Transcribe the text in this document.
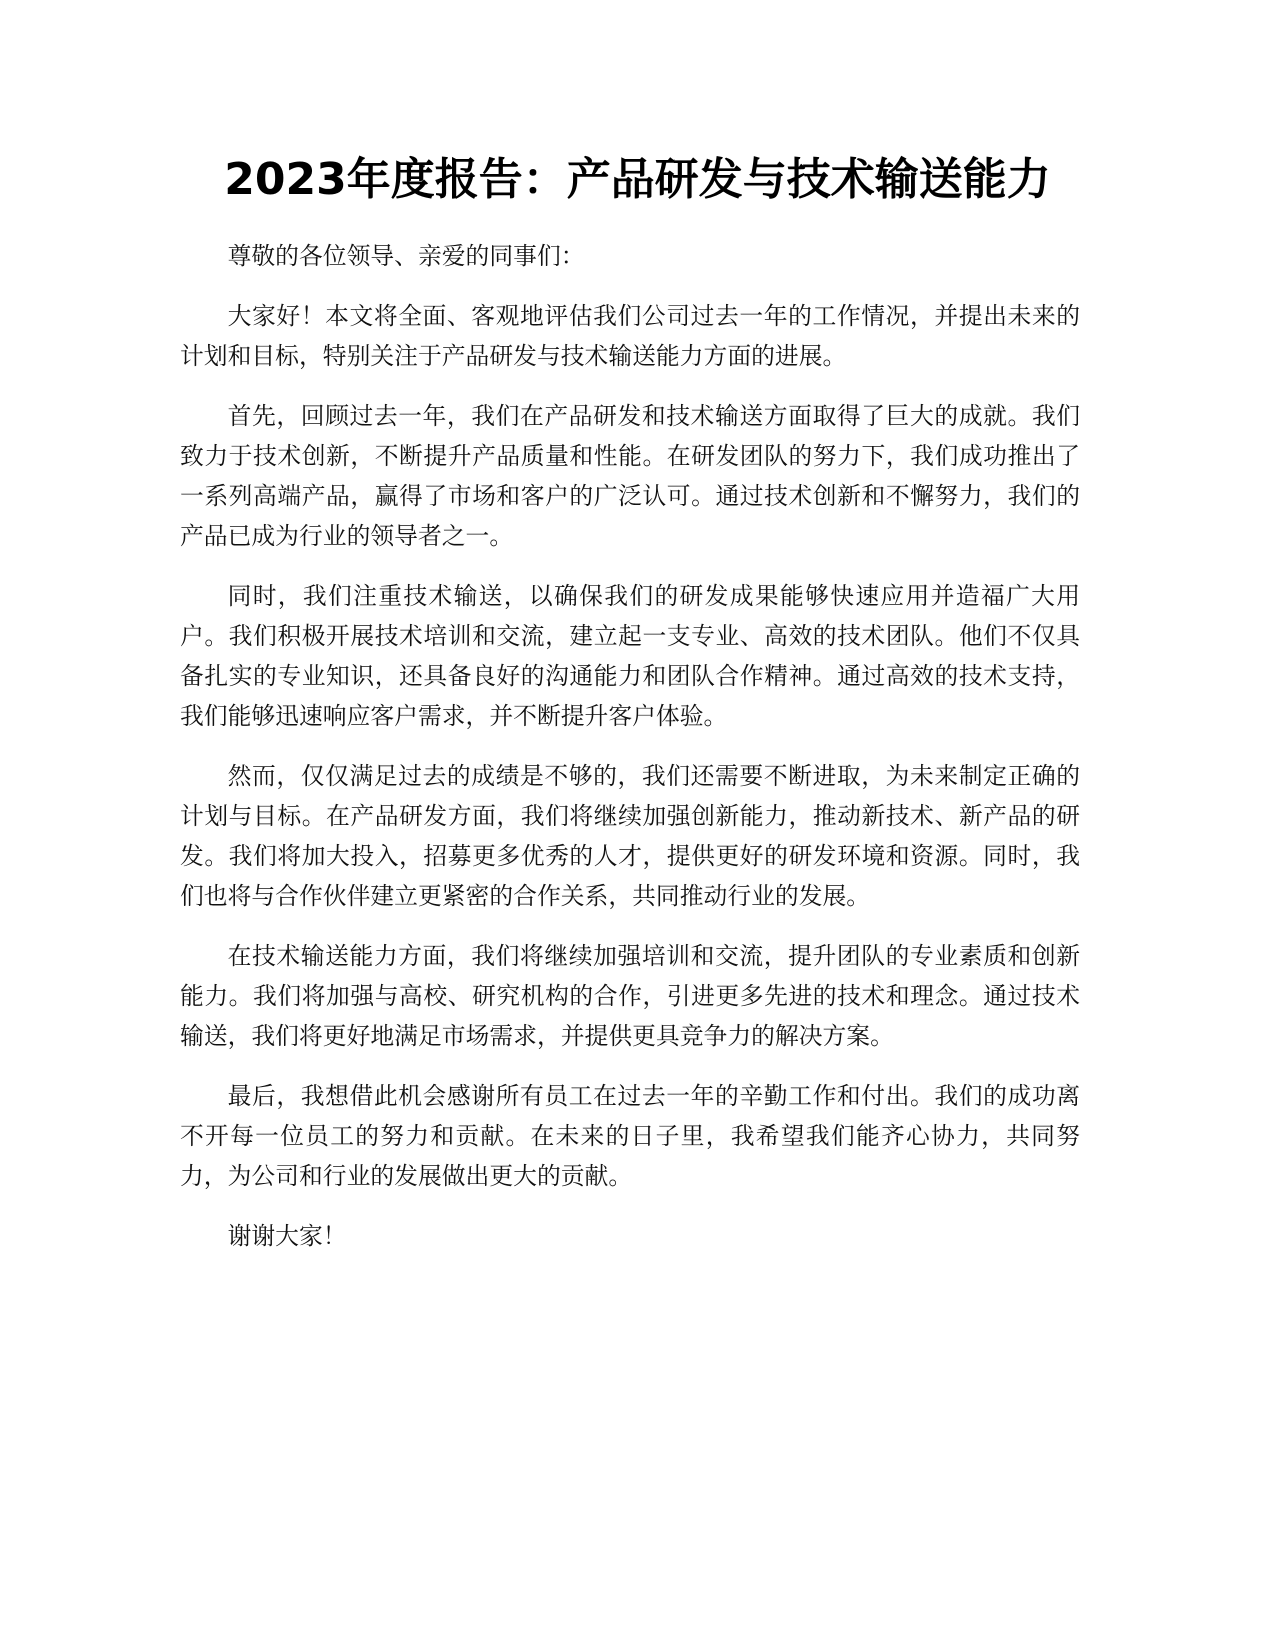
2023年度报告：产品研发与技术输送能力

尊敬的各位领导、亲爱的同事们：

大家好！本文将全面、客观地评估我们公司过去一年的工作情况，并提出未来的计划和目标，特别关注于产品研发与技术输送能力方面的进展。

首先，回顾过去一年，我们在产品研发和技术输送方面取得了巨大的成就。我们致力于技术创新，不断提升产品质量和性能。在研发团队的努力下，我们成功推出了一系列高端产品，赢得了市场和客户的广泛认可。通过技术创新和不懈努力，我们的产品已成为行业的领导者之一。

同时，我们注重技术输送，以确保我们的研发成果能够快速应用并造福广大用户。我们积极开展技术培训和交流，建立起一支专业、高效的技术团队。他们不仅具备扎实的专业知识，还具备良好的沟通能力和团队合作精神。通过高效的技术支持，我们能够迅速响应客户需求，并不断提升客户体验。

然而，仅仅满足过去的成绩是不够的，我们还需要不断进取，为未来制定正确的计划与目标。在产品研发方面，我们将继续加强创新能力，推动新技术、新产品的研发。我们将加大投入，招募更多优秀的人才，提供更好的研发环境和资源。同时，我们也将与合作伙伴建立更紧密的合作关系，共同推动行业的发展。

在技术输送能力方面，我们将继续加强培训和交流，提升团队的专业素质和创新能力。我们将加强与高校、研究机构的合作，引进更多先进的技术和理念。通过技术输送，我们将更好地满足市场需求，并提供更具竞争力的解决方案。

最后，我想借此机会感谢所有员工在过去一年的辛勤工作和付出。我们的成功离不开每一位员工的努力和贡献。在未来的日子里，我希望我们能齐心协力，共同努力，为公司和行业的发展做出更大的贡献。

谢谢大家！
